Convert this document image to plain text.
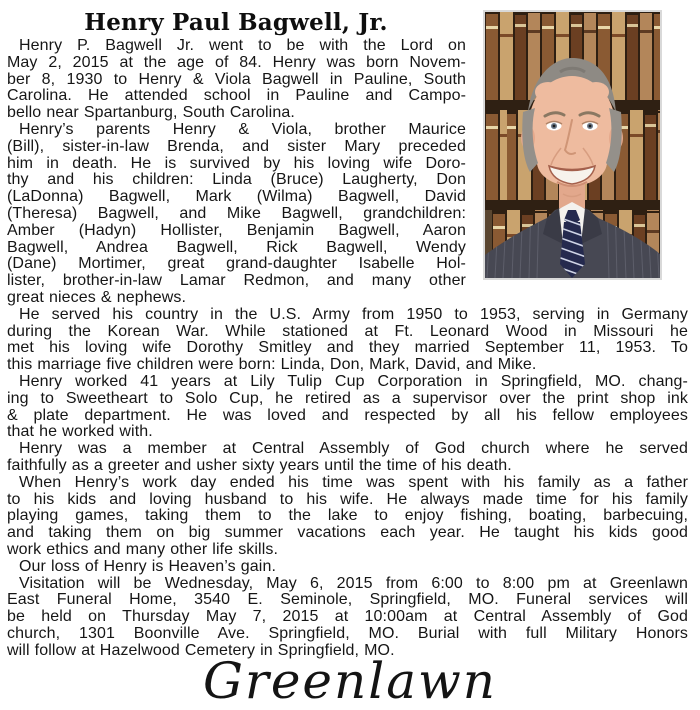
Henry Paul Bagwell, Jr.
Henry P. Bagwell Jr. went to be with the Lord on
May 2, 2015 at the age of 84. Henry was born Novem-
ber 8, 1930 to Henry & Viola Bagwell in Pauline, South
Carolina. He attended school in Pauline and Campo-
bello near Spartanburg, South Carolina.
Henry’s parents Henry & Viola, brother Maurice
(Bill), sister-in-law Brenda, and sister Mary preceded
him in death. He is survived by his loving wife Doro-
thy and his children: Linda (Bruce) Laugherty, Don
(LaDonna) Bagwell, Mark (Wilma) Bagwell, David
(Theresa) Bagwell, and Mike Bagwell, grandchildren:
Amber (Hadyn) Hollister, Benjamin Bagwell, Aaron
Bagwell, Andrea Bagwell, Rick Bagwell, Wendy
(Dane) Mortimer, great grand-daughter Isabelle Hol-
lister, brother-in-law Lamar Redmon, and many other
great nieces & nephews.
He served his country in the U.S. Army from 1950 to 1953, serving in Germany
during the Korean War. While stationed at Ft. Leonard Wood in Missouri he
met his loving wife Dorothy Smitley and they married September 11, 1953. To
this marriage five children were born: Linda, Don, Mark, David, and Mike.
Henry worked 41 years at Lily Tulip Cup Corporation in Springfield, MO. chang-
ing to Sweetheart to Solo Cup, he retired as a supervisor over the print shop ink
& plate department. He was loved and respected by all his fellow employees
that he worked with.
Henry was a member at Central Assembly of God church where he served
faithfully as a greeter and usher sixty years until the time of his death.
When Henry’s work day ended his time was spent with his family as a father
to his kids and loving husband to his wife. He always made time for his family
playing games, taking them to the lake to enjoy fishing, boating, barbecuing,
and taking them on big summer vacations each year. He taught his kids good
work ethics and many other life skills.
Our loss of Henry is Heaven’s gain.
Visitation will be Wednesday, May 6, 2015 from 6:00 to 8:00 pm at Greenlawn
East Funeral Home, 3540 E. Seminole, Springfield, MO. Funeral services will
be held on Thursday May 7, 2015 at 10:00am at Central Assembly of God
church, 1301 Boonville Ave. Springfield, MO. Burial with full Military Honors
will follow at Hazelwood Cemetery in Springfield, MO.
Greenlawn
